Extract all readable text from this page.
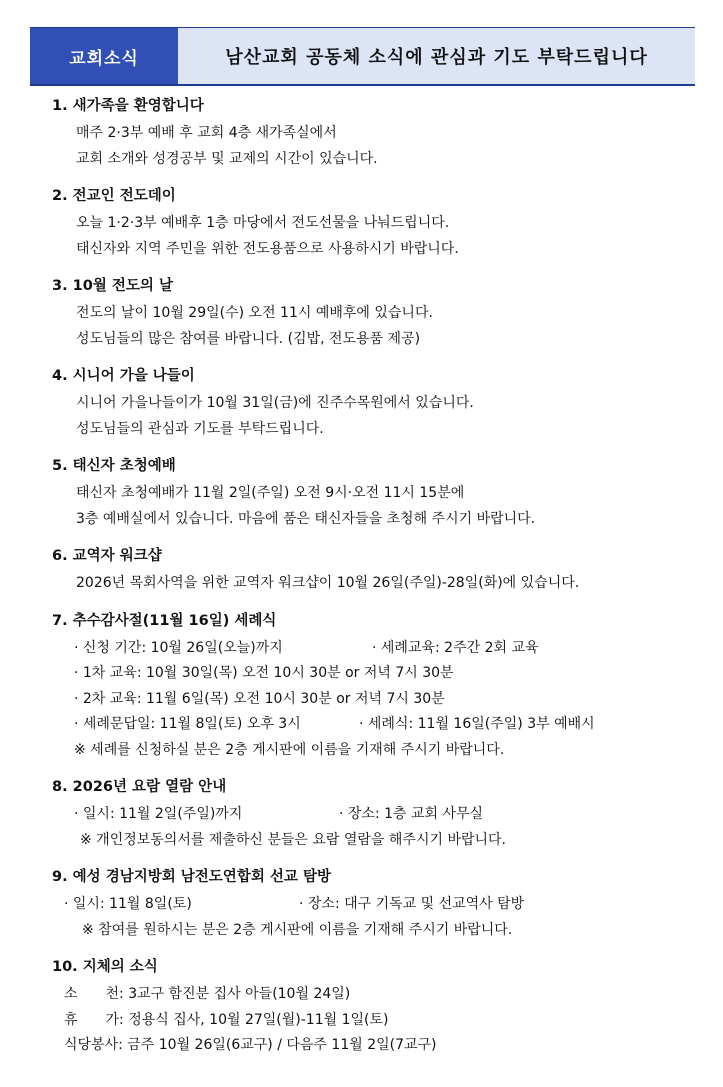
교회소식	남산교회 공동체 소식에 관심과 기도 부탁드립니다
1. 새가족을 환영합니다
매주 2·3부 예배 후 교회 4층 새가족실에서
교회 소개와 성경공부 및 교제의 시간이 있습니다.
2. 전교인 전도데이
오늘 1·2·3부 예배후 1층 마당에서 전도선물을 나눠드립니다.
태신자와 지역 주민을 위한 전도용품으로 사용하시기 바랍니다.
3. 10월 전도의 날
전도의 날이 10월 29일(수) 오전 11시 예배후에 있습니다.
성도님들의 많은 참여를 바랍니다. (김밥, 전도용품 제공)
4. 시니어 가을 나들이
시니어 가을나들이가 10월 31일(금)에 진주수목원에서 있습니다.
성도님들의 관심과 기도를 부탁드립니다.
5. 태신자 초청예배
태신자 초청예배가 11월 2일(주일) 오전 9시·오전 11시 15분에
3층 예배실에서 있습니다. 마음에 품은 태신자들을 초청해 주시기 바랍니다.
6. 교역자 워크샵
2026년 목회사역을 위한 교역자 워크샵이 10월 26일(주일)-28일(화)에 있습니다.
7. 추수감사절(11월 16일) 세례식
· 신청 기간: 10월 26일(오늘)까지	· 세례교육: 2주간 2회 교육
· 1차 교육: 10월 30일(목) 오전 10시 30분 or 저녁 7시 30분
· 2차 교육: 11월 6일(목) 오전 10시 30분 or 저녁 7시 30분
· 세례문답일: 11월 8일(토) 오후 3시	· 세례식: 11월 16일(주일) 3부 예배시
※ 세례를 신청하실 분은 2층 게시판에 이름을 기재해 주시기 바랍니다.
8. 2026년 요람 열람 안내
· 일시: 11월 2일(주일)까지	· 장소: 1층 교회 사무실
※ 개인정보동의서를 제출하신 분들은 요람 열람을 해주시기 바랍니다.
9. 예성 경남지방회 남전도연합회 선교 탐방
· 일시: 11월 8일(토)	· 장소: 대구 기독교 및 선교역사 탐방
※ 참여를 원하시는 분은 2층 게시판에 이름을 기재해 주시기 바랍니다.
10. 지체의 소식
소　　천: 3교구 함진분 집사 아들(10월 24일)
휴　　가: 정용식 집사, 10월 27일(월)-11월 1일(토)
식당봉사: 금주 10월 26일(6교구) / 다음주 11월 2일(7교구)
